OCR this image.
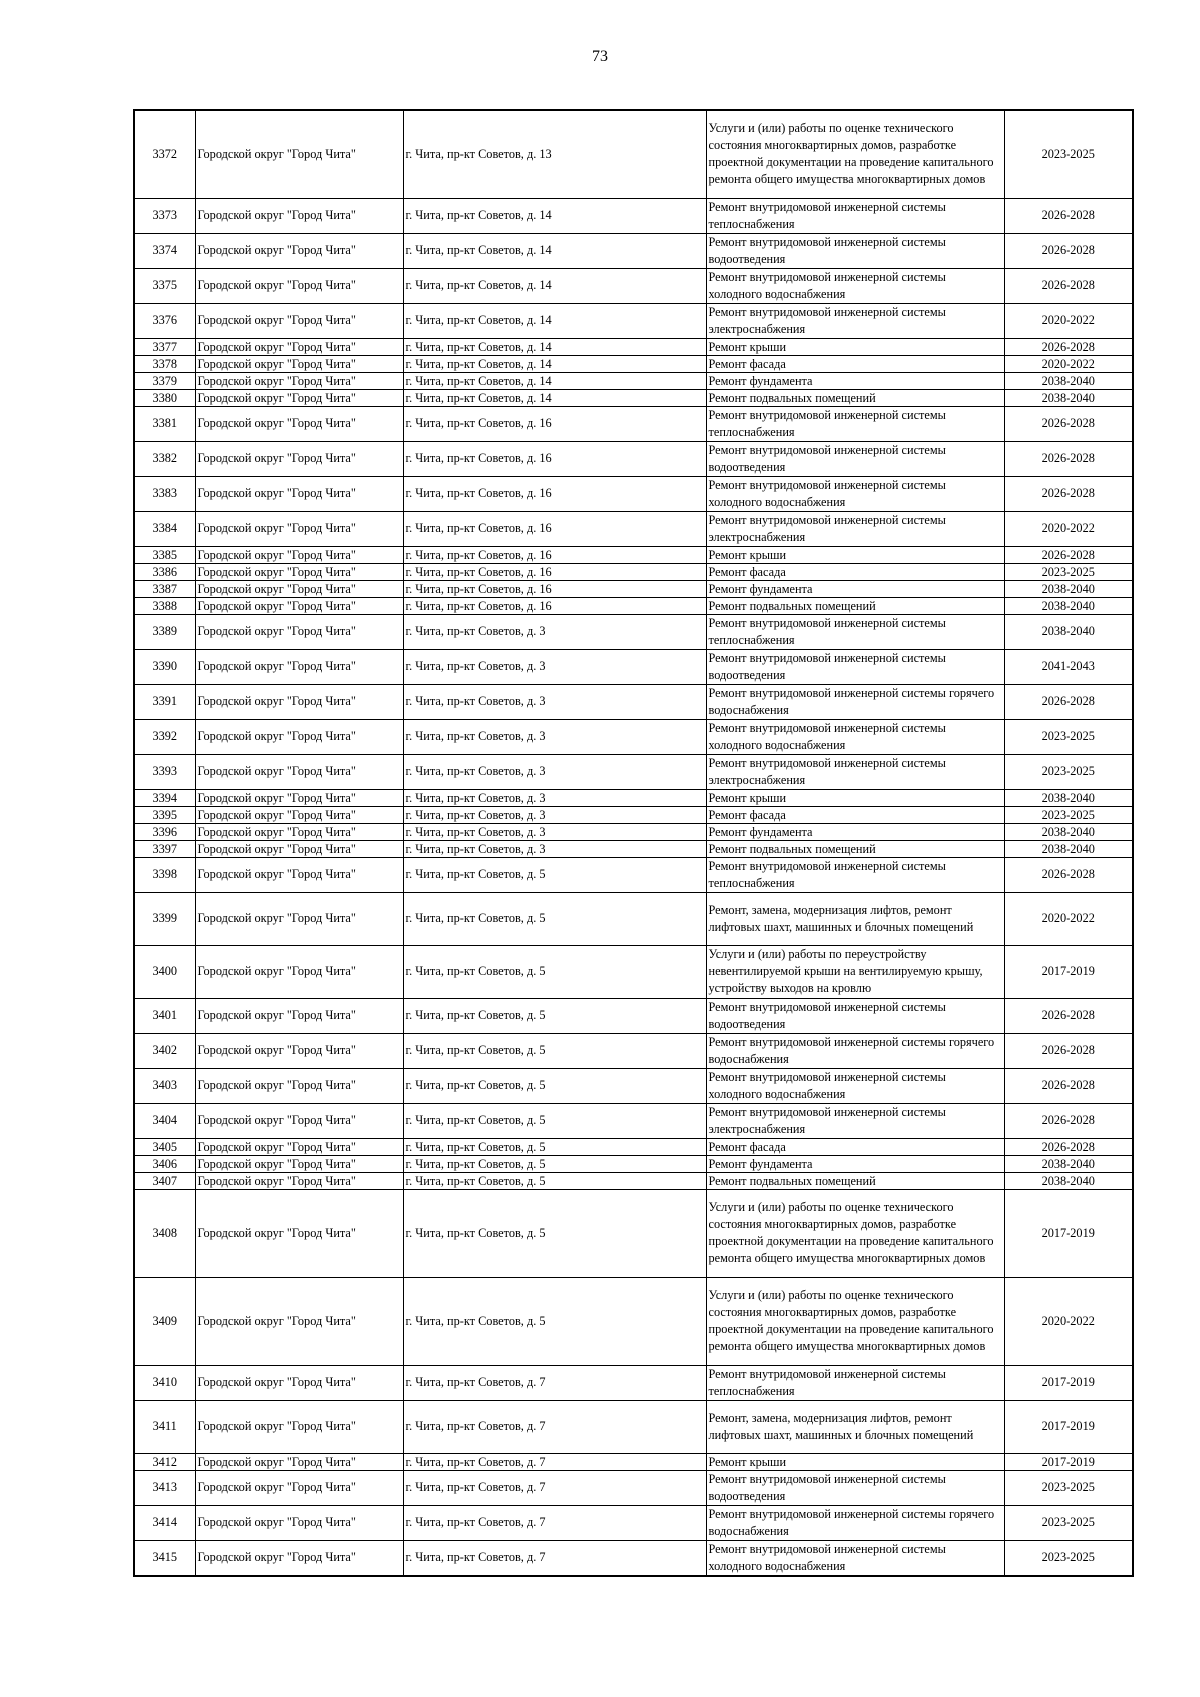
73
3372	Городской округ "Город Чита"	г. Чита, пр-кт Советов, д. 13	Услуги и (или) работы по оценке технического состояния многоквартирных домов, разработке проектной документации на проведение капитального ремонта общего имущества многоквартирных домов	2023-2025
3373	Городской округ "Город Чита"	г. Чита, пр-кт Советов, д. 14	Ремонт внутридомовой инженерной системы теплоснабжения	2026-2028
3374	Городской округ "Город Чита"	г. Чита, пр-кт Советов, д. 14	Ремонт внутридомовой инженерной системы водоотведения	2026-2028
3375	Городской округ "Город Чита"	г. Чита, пр-кт Советов, д. 14	Ремонт внутридомовой инженерной системы холодного водоснабжения	2026-2028
3376	Городской округ "Город Чита"	г. Чита, пр-кт Советов, д. 14	Ремонт внутридомовой инженерной системы электроснабжения	2020-2022
3377	Городской округ "Город Чита"	г. Чита, пр-кт Советов, д. 14	Ремонт крыши	2026-2028
3378	Городской округ "Город Чита"	г. Чита, пр-кт Советов, д. 14	Ремонт фасада	2020-2022
3379	Городской округ "Город Чита"	г. Чита, пр-кт Советов, д. 14	Ремонт фундамента	2038-2040
3380	Городской округ "Город Чита"	г. Чита, пр-кт Советов, д. 14	Ремонт подвальных помещений	2038-2040
3381	Городской округ "Город Чита"	г. Чита, пр-кт Советов, д. 16	Ремонт внутридомовой инженерной системы теплоснабжения	2026-2028
3382	Городской округ "Город Чита"	г. Чита, пр-кт Советов, д. 16	Ремонт внутридомовой инженерной системы водоотведения	2026-2028
3383	Городской округ "Город Чита"	г. Чита, пр-кт Советов, д. 16	Ремонт внутридомовой инженерной системы холодного водоснабжения	2026-2028
3384	Городской округ "Город Чита"	г. Чита, пр-кт Советов, д. 16	Ремонт внутридомовой инженерной системы электроснабжения	2020-2022
3385	Городской округ "Город Чита"	г. Чита, пр-кт Советов, д. 16	Ремонт крыши	2026-2028
3386	Городской округ "Город Чита"	г. Чита, пр-кт Советов, д. 16	Ремонт фасада	2023-2025
3387	Городской округ "Город Чита"	г. Чита, пр-кт Советов, д. 16	Ремонт фундамента	2038-2040
3388	Городской округ "Город Чита"	г. Чита, пр-кт Советов, д. 16	Ремонт подвальных помещений	2038-2040
3389	Городской округ "Город Чита"	г. Чита, пр-кт Советов, д. 3	Ремонт внутридомовой инженерной системы теплоснабжения	2038-2040
3390	Городской округ "Город Чита"	г. Чита, пр-кт Советов, д. 3	Ремонт внутридомовой инженерной системы водоотведения	2041-2043
3391	Городской округ "Город Чита"	г. Чита, пр-кт Советов, д. 3	Ремонт внутридомовой инженерной системы горячего водоснабжения	2026-2028
3392	Городской округ "Город Чита"	г. Чита, пр-кт Советов, д. 3	Ремонт внутридомовой инженерной системы холодного водоснабжения	2023-2025
3393	Городской округ "Город Чита"	г. Чита, пр-кт Советов, д. 3	Ремонт внутридомовой инженерной системы электроснабжения	2023-2025
3394	Городской округ "Город Чита"	г. Чита, пр-кт Советов, д. 3	Ремонт крыши	2038-2040
3395	Городской округ "Город Чита"	г. Чита, пр-кт Советов, д. 3	Ремонт фасада	2023-2025
3396	Городской округ "Город Чита"	г. Чита, пр-кт Советов, д. 3	Ремонт фундамента	2038-2040
3397	Городской округ "Город Чита"	г. Чита, пр-кт Советов, д. 3	Ремонт подвальных помещений	2038-2040
3398	Городской округ "Город Чита"	г. Чита, пр-кт Советов, д. 5	Ремонт внутридомовой инженерной системы теплоснабжения	2026-2028
3399	Городской округ "Город Чита"	г. Чита, пр-кт Советов, д. 5	Ремонт, замена, модернизация лифтов, ремонт лифтовых шахт, машинных и блочных помещений	2020-2022
3400	Городской округ "Город Чита"	г. Чита, пр-кт Советов, д. 5	Услуги и (или) работы по переустройству невентилируемой крыши на вентилируемую крышу, устройству выходов на кровлю	2017-2019
3401	Городской округ "Город Чита"	г. Чита, пр-кт Советов, д. 5	Ремонт внутридомовой инженерной системы водоотведения	2026-2028
3402	Городской округ "Город Чита"	г. Чита, пр-кт Советов, д. 5	Ремонт внутридомовой инженерной системы горячего водоснабжения	2026-2028
3403	Городской округ "Город Чита"	г. Чита, пр-кт Советов, д. 5	Ремонт внутридомовой инженерной системы холодного водоснабжения	2026-2028
3404	Городской округ "Город Чита"	г. Чита, пр-кт Советов, д. 5	Ремонт внутридомовой инженерной системы электроснабжения	2026-2028
3405	Городской округ "Город Чита"	г. Чита, пр-кт Советов, д. 5	Ремонт фасада	2026-2028
3406	Городской округ "Город Чита"	г. Чита, пр-кт Советов, д. 5	Ремонт фундамента	2038-2040
3407	Городской округ "Город Чита"	г. Чита, пр-кт Советов, д. 5	Ремонт подвальных помещений	2038-2040
3408	Городской округ "Город Чита"	г. Чита, пр-кт Советов, д. 5	Услуги и (или) работы по оценке технического состояния многоквартирных домов, разработке проектной документации на проведение капитального ремонта общего имущества многоквартирных домов	2017-2019
3409	Городской округ "Город Чита"	г. Чита, пр-кт Советов, д. 5	Услуги и (или) работы по оценке технического состояния многоквартирных домов, разработке проектной документации на проведение капитального ремонта общего имущества многоквартирных домов	2020-2022
3410	Городской округ "Город Чита"	г. Чита, пр-кт Советов, д. 7	Ремонт внутридомовой инженерной системы теплоснабжения	2017-2019
3411	Городской округ "Город Чита"	г. Чита, пр-кт Советов, д. 7	Ремонт, замена, модернизация лифтов, ремонт лифтовых шахт, машинных и блочных помещений	2017-2019
3412	Городской округ "Город Чита"	г. Чита, пр-кт Советов, д. 7	Ремонт крыши	2017-2019
3413	Городской округ "Город Чита"	г. Чита, пр-кт Советов, д. 7	Ремонт внутридомовой инженерной системы водоотведения	2023-2025
3414	Городской округ "Город Чита"	г. Чита, пр-кт Советов, д. 7	Ремонт внутридомовой инженерной системы горячего водоснабжения	2023-2025
3415	Городской округ "Город Чита"	г. Чита, пр-кт Советов, д. 7	Ремонт внутридомовой инженерной системы холодного водоснабжения	2023-2025
